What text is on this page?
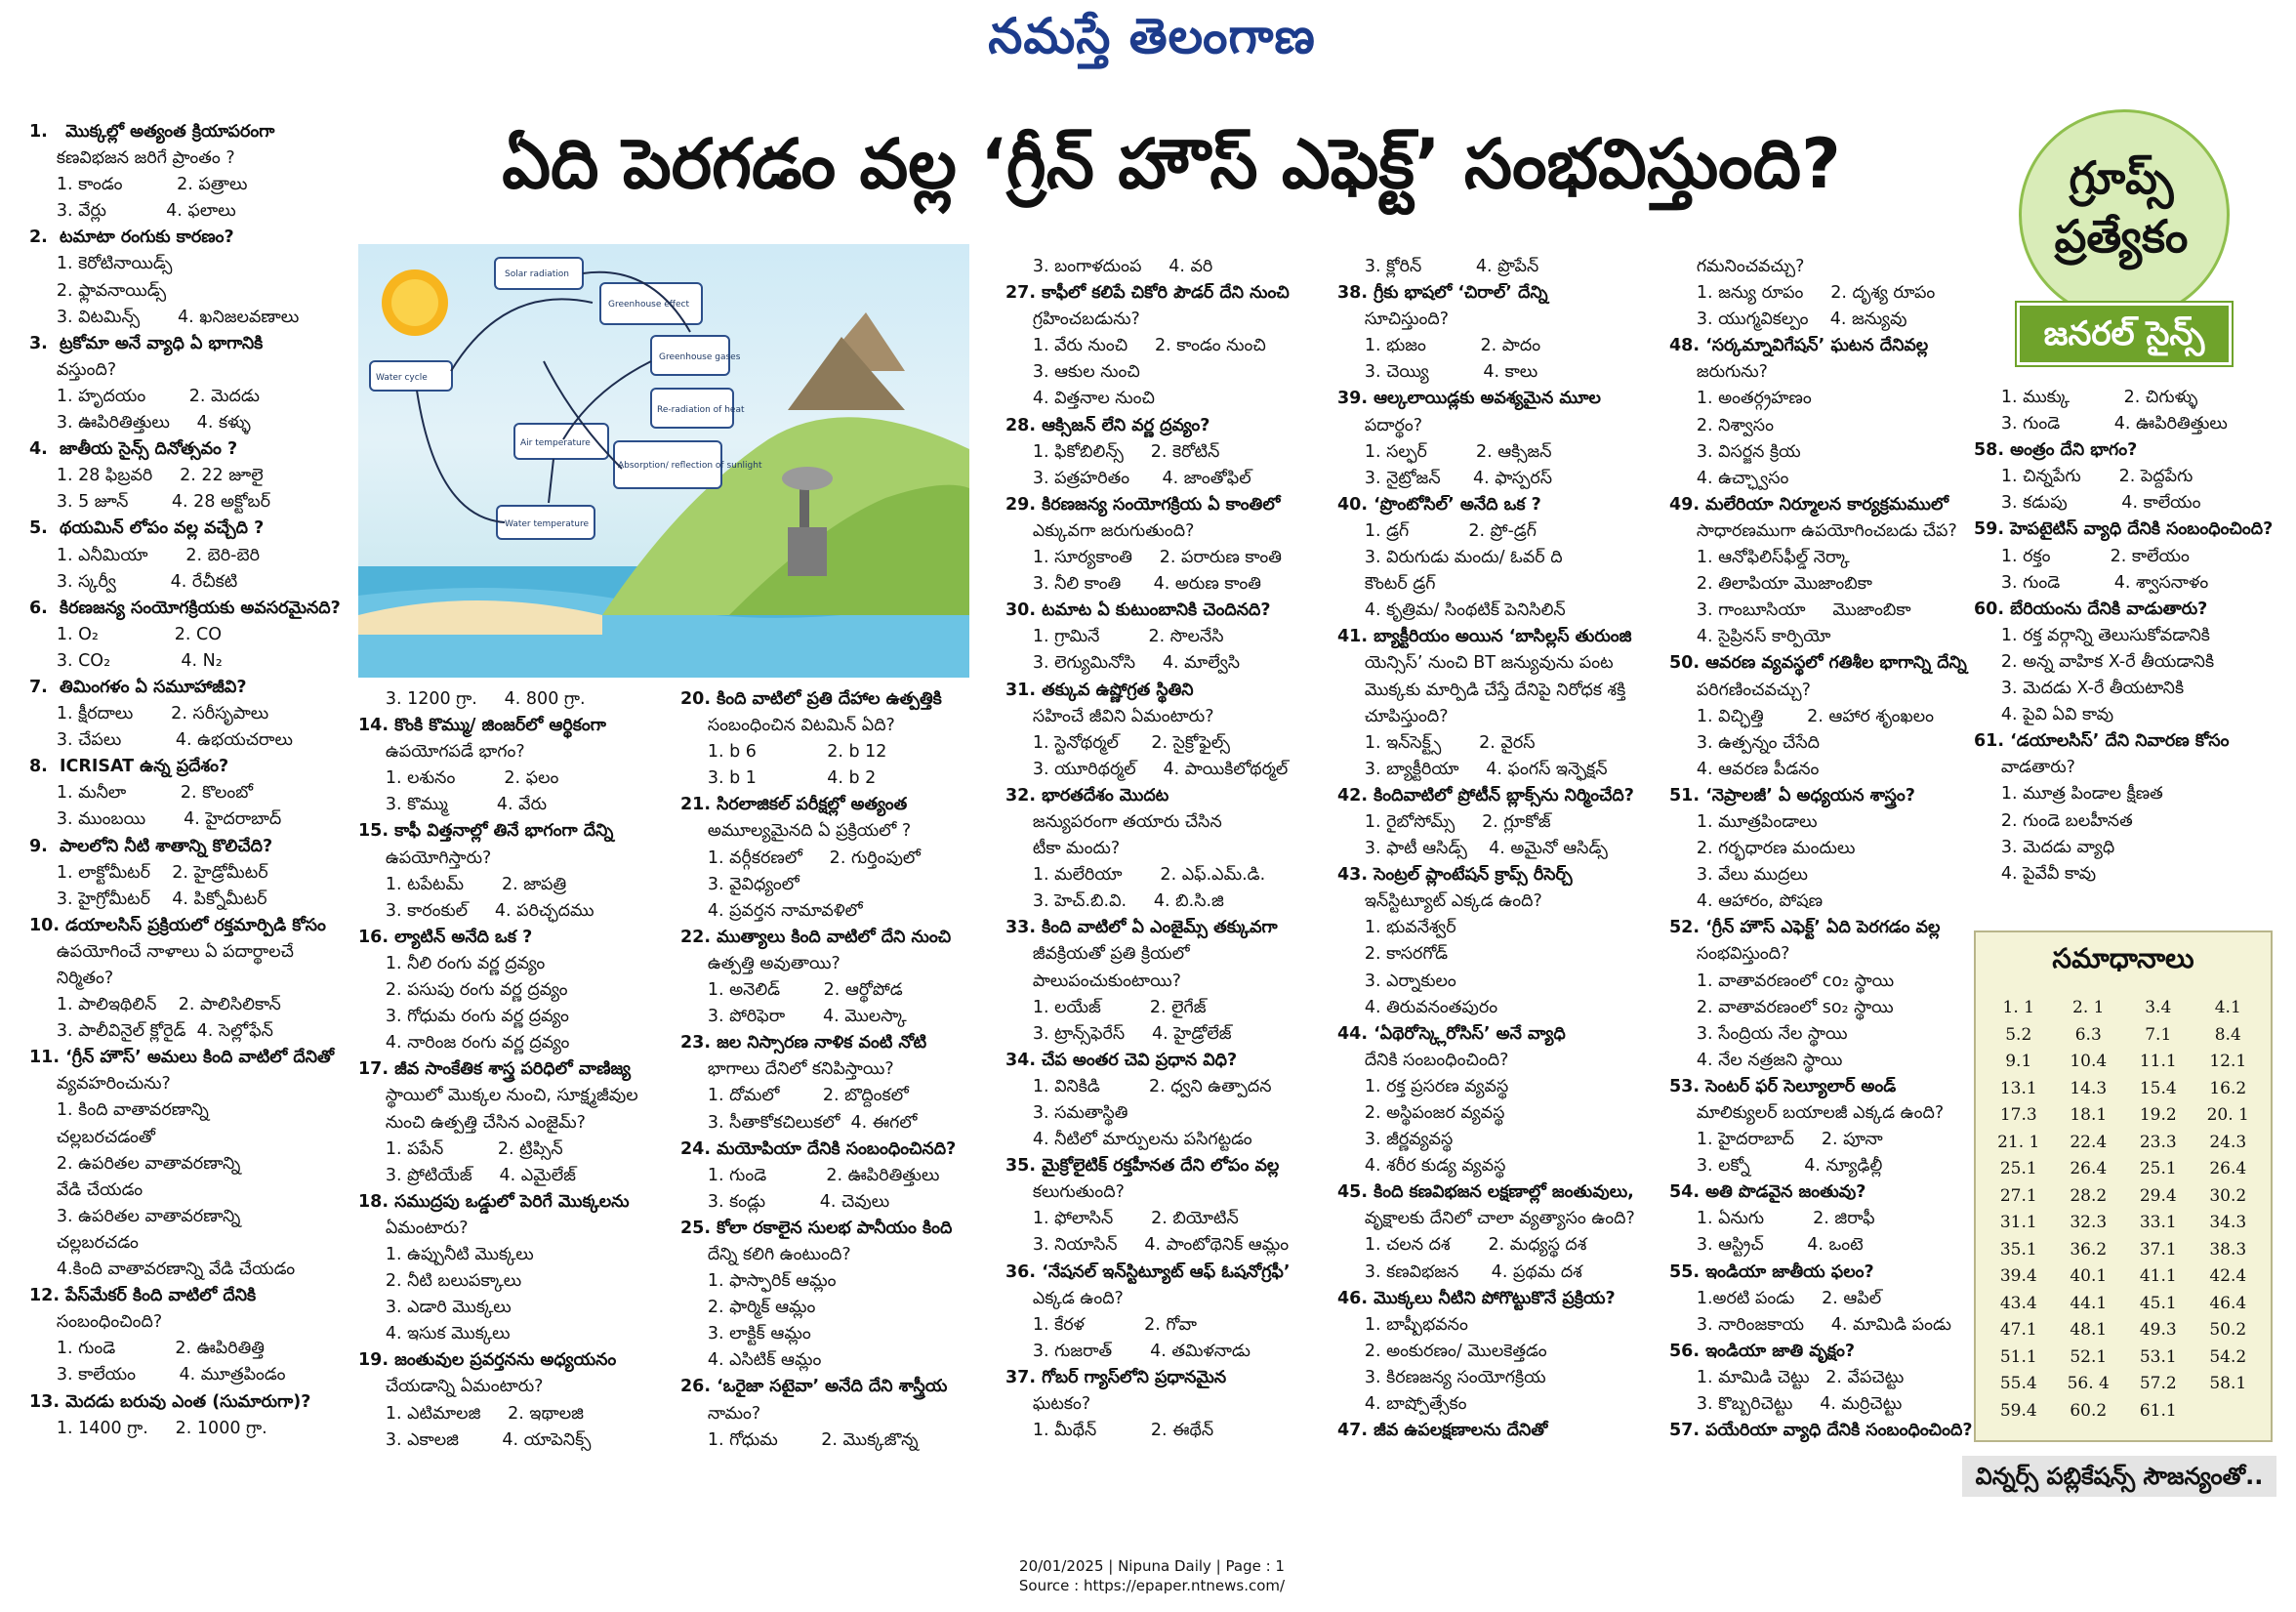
నమస్తే తెలంగాణ
ఏది పెరగడం వల్ల ‘గ్రీన్ హౌస్ ఎఫెక్ట్’ సంభవిస్తుంది?	గ్రూప్స్
ప్రత్యేకం
జనరల్ సైన్స్
Solar radiation
Greenhouse effect
Greenhouse gases
Re-radiation of heat
Water cycle
Air temperature
Absorption/ reflection of sunlight
Water temperature
1.   మొక్కల్లో అత్యంత క్రియాపరంగా
కణవిభజన జరిగే ప్రాంతం ?
1. కాండం          2. పత్రాలు
3. వేర్లు           4. ఫలాలు
2.  టమాటా రంగుకు కారణం?
1. కెరోటినాయిడ్స్
2. ఫ్లావనాయిడ్స్
3. విటమిన్స్       4. ఖనిజలవణాలు
3.  ట్రకోమా అనే వ్యాధి ఏ భాగానికి
వస్తుంది?
1. హృదయం        2. మెదడు
3. ఊపిరితిత్తులు     4. కళ్ళు
4.  జాతీయ సైన్స్ దినోత్సవం ?
1. 28 ఫిబ్రవరి     2. 22 జూలై
3. 5 జూన్        4. 28 అక్టోబర్
5.  థయమిన్ లోపం వల్ల వచ్చేది ?
1. ఎనీమియా       2. బెరి-బెరి
3. స్కర్వీ          4. రేచీకటి
6.  కిరణజన్య సంయోగక్రియకు అవసరమైనది?
1. O₂              2. CO
3. CO₂             4. N₂
7.  తిమింగళం ఏ సమూహాజీవి?
1. క్షీరదాలు       2. సరీసృపాలు
3. చేపలు          4. ఉభయచరాలు
8.  ICRISAT ఉన్న ప్రదేశం?
1. మనీలా          2. కొలంబో
3. ముంబయి       4. హైదరాబాద్
9.  పాలలోని నీటి శాతాన్ని కొలిచేది?
1. లాక్టోమీటర్    2. హైడ్రోమీటర్
3. హైగ్రోమీటర్    4. పిక్నోమీటర్
10. డయాలసిస్ ప్రక్రియలో రక్తమార్పిడి కోసం
ఉపయోగించే నాళాలు ఏ పదార్థాలచే
నిర్మితం?
1. పాలిఇథిలిన్    2. పాలిసిలికాన్
3. పాలీవినైల్ క్లోరైడ్  4. సెల్లోఫేన్
11. ‘గ్రీన్ హౌస్’ అమలు కింది వాటిలో దేనితో
వ్యవహరించును?
1. కింది వాతావరణాన్ని
చల్లబరచడంతో
2. ఉపరితల వాతావరణాన్ని
వేడి చేయడం
3. ఉపరితల వాతావరణాన్ని
చల్లబరచడం
4.కింది వాతావరణాన్ని వేడి చేయడం
12. పేస్‌మేకర్ కింది వాటిలో దేనికి
సంబంధించింది?
1. గుండె           2. ఊపిరితిత్తి
3. కాలేయం        4. మూత్రపిండం
13. మెదడు బరువు ఎంత (సుమారుగా)?
1. 1400 గ్రా.     2. 1000 గ్రా.
3. 1200 గ్రా.     4. 800 గ్రా.
14. కొంకి కొమ్ము/ జింజర్‌లో ఆర్థికంగా
ఉపయోగపడే భాగం?
1. లశునం         2. ఫలం
3. కొమ్ము         4. వేరు
15. కాఫీ విత్తనాల్లో తినే భాగంగా దేన్ని
ఉపయోగిస్తారు?
1. టపేటమ్       2. జాపత్రి
3. కారంకుల్     4. పరిచ్ఛదము
16. ల్యాటిన్ అనేది ఒక ?
1. నీలి రంగు వర్ణ ద్రవ్యం
2. పసుపు రంగు వర్ణ ద్రవ్యం
3. గోధుమ రంగు వర్ణ ద్రవ్యం
4. నారింజ రంగు వర్ణ ద్రవ్యం
17. జీవ సాంకేతిక శాస్త్ర పరిధిలో వాణిజ్య
స్థాయిలో మొక్కల నుంచి, సూక్ష్మజీవుల
నుంచి ఉత్పత్తి చేసిన ఎంజైమ్?
1. పపేన్          2. ట్రిప్సిన్
3. ప్రోటియేజ్     4. ఎమైలేజ్
18. సముద్రపు ఒడ్డులో పెరిగే మొక్కలను
ఏమంటారు?
1. ఉప్పునీటి మొక్కలు
2. నీటి బలుపక్కాలు
3. ఎడారి మొక్కలు
4. ఇసుక మొక్కలు
19. జంతువుల ప్రవర్తనను అధ్యయనం
చేయడాన్ని ఏమంటారు?
1. ఎటిమాలజి     2. ఇథాలజి
3. ఎకాలజి        4. యాపెనిక్స్
20. కింది వాటిలో ప్రతి దేహాల ఉత్పత్తికి
సంబంధించిన విటమిన్ ఏది?
1. b 6             2. b 12
3. b 1             4. b 2
21. సిరలాజికల్ పరీక్షల్లో అత్యంత
అమూల్యమైనది ఏ ప్రక్రియలో ?
1. వర్గీకరణలో     2. గుర్తింపులో
3. వైవిధ్యంలో
4. ప్రవర్తన నామావళిలో
22. ముత్యాలు కింది వాటిలో దేని నుంచి
ఉత్పత్తి అవుతాయి?
1. అనెలిడ్        2. ఆర్థోపోడ
3. పోరిఫెరా       4. మొలస్కా
23. జల నిస్సారణ నాళిక వంటి నోటి
భాగాలు దేనిలో కనిపిస్తాయి?
1. దోమలో        2. బొద్దింకలో
3. సీతాకోకచిలుకలో  4. ఈగలో
24. మయోపియా దేనికి సంబంధించినది?
1. గుండె           2. ఊపిరితిత్తులు
3. కండ్లు          4. చెవులు
25. కోలా రకాలైన సులభ పానీయం కింది
దేన్ని కలిగి ఉంటుంది?
1. ఫాస్ఫారిక్ ఆమ్లం
2. ఫార్మిక్ ఆమ్లం
3. లాక్టిక్ ఆమ్లం
4. ఎసిటిక్ ఆమ్లం
26. ‘ఒరైజా సటైవా’ అనేది దేని శాస్త్రీయ
నామం?
1. గోధుమ        2. మొక్కజొన్న
3. బంగాళదుంప     4. వరి
27. కాఫీలో కలిపే చికోరి పౌడర్ దేని నుంచి
గ్రహించబడును?
1. వేరు నుంచి     2. కాండం నుంచి
3. ఆకుల నుంచి
4. విత్తనాల నుంచి
28. ఆక్సిజన్ లేని వర్ణ ద్రవ్యం?
1. ఫికోబిలిన్స్     2. కెరోటిన్
3. పత్రహరితం      4. జాంతోఫిల్
29. కిరణజన్య సంయోగక్రియ ఏ కాంతిలో
ఎక్కువగా జరుగుతుంది?
1. సూర్యకాంతి     2. పరారుణ కాంతి
3. నీలి కాంతి      4. అరుణ కాంతి
30. టమాట ఏ కుటుంబానికి చెందినది?
1. గ్రామినే         2. సొలనేసి
3. లెగ్యుమినోసి     4. మాల్వేసి
31. తక్కువ ఉష్ణోగ్రత స్థితిని
సహించే జీవిని ఏమంటారు?
1. స్టెనోథర్మల్      2. సైక్రోఫైల్స్
3. యూరిథర్మల్     4. పాయికిలోథర్మల్
32. భారతదేశం మొదట
జన్యుపరంగా తయారు చేసిన
టీకా మందు?
1. మలేరియా       2. ఎఫ్.ఎమ్.డి.
3. హెచ్.బి.వి.     4. బి.సి.జి
33. కింది వాటిలో ఏ ఎంజైమ్స్ తక్కువగా
జీవక్రియతో ప్రతి క్రియలో
పాలుపంచుకుంటాయి?
1. లయేజ్         2. లైగేజ్
3. ట్రాన్స్‌ఫెరేస్     4. హైడ్రోలేజ్
34. చేప అంతర చెవి ప్రధాన విధి?
1. వినికిడి         2. ధ్వని ఉత్పాదన
3. సమతాస్థితి
4. నీటిలో మార్పులను పసిగట్టడం
35. మైక్రోలైటిక్ రక్తహీనత దేని లోపం వల్ల
కలుగుతుంది?
1. ఫోలాసిన్       2. బియోటిన్
3. నియాసిన్     4. పాంటోథెనిక్ ఆమ్లం
36. ‘నేషనల్ ఇన్‌స్టిట్యూట్ ఆఫ్ ఓషనోగ్రఫీ’
ఎక్కడ ఉంది?
1. కేరళ           2. గోవా
3. గుజరాత్       4. తమిళనాడు
37. గోబర్ గ్యాస్‌లోని ప్రధానమైన
ఘటకం?
1. మీథేన్          2. ఈథేన్
3. క్లోరిన్          4. ప్రొపేన్
38. గ్రీకు భాషలో ‘చిరాల్’ దేన్ని
సూచిస్తుంది?
1. భుజం          2. పాదం
3. చెయ్యి          4. కాలు
39. ఆల్కలాయిడ్లకు అవశ్యమైన మూల
పదార్థం?
1. సల్ఫర్         2. ఆక్సిజన్
3. నైట్రోజన్      4. ఫాస్పరస్
40. ‘ప్రొంటోసిల్’ అనేది ఒక ?
1. డ్రగ్           2. ప్రో-డ్రగ్
3. విరుగుడు మందు/ ఓవర్ ది
కౌంటర్ డ్రగ్
4. కృత్రిమ/ సింథటిక్ పెనిసిలిన్
41. బ్యాక్టీరియం అయిన ‘బాసిల్లస్ తురుంజి
యెన్సిస్’ నుంచి BT జన్యువును పంట
మొక్కకు మార్పిడి చేస్తే దేనిపై నిరోధక శక్తి
చూపిస్తుంది?
1. ఇన్‌సెక్ట్స్       2. వైరస్
3. బ్యాక్టీరియా     4. ఫంగస్ ఇన్ఫెక్షన్
42. కిందివాటిలో ప్రోటీన్ బ్లాక్స్‌ను నిర్మించేది?
1. రైబోసోమ్స్     2. గ్లూకోజ్
3. ఫాటీ ఆసిడ్స్    4. అమైనో ఆసిడ్స్
43. సెంట్రల్ ప్లాంటేషన్ క్రాప్స్ రీసెర్చ్
ఇన్‌స్టిట్యూట్ ఎక్కడ ఉంది?
1. భువనేశ్వర్
2. కాసరగోడ్
3. ఎర్నాకులం
4. తిరువనంతపురం
44. ‘ఏథెరోస్క్లెరోసిస్’ అనే వ్యాధి
దేనికి సంబంధించింది?
1. రక్త ప్రసరణ వ్యవస్థ
2. అస్థిపంజర వ్యవస్థ
3. జీర్ణవ్యవస్థ
4. శరీర కుడ్య వ్యవస్థ
45. కింది కణవిభజన లక్షణాల్లో జంతువులు,
వృక్షాలకు దేనిలో చాలా వ్యత్యాసం ఉంది?
1. చలన దశ       2. మధ్యస్థ దశ
3. కణవిభజన      4. ప్రథమ దశ
46. మొక్కలు నీటిని పోగొట్టుకొనే ప్రక్రియ?
1. బాష్పీభవనం
2. అంకురణం/ మొలకెత్తడం
3. కిరణజన్య సంయోగక్రియ
4. బాష్పోత్సేకం
47. జీవ ఉపలక్షణాలను దేనితో
గమనించవచ్చు?
1. జన్యు రూపం     2. దృశ్య రూపం
3. యుగ్మవికల్పం    4. జన్యువు
48. ‘సర్కమ్నావిగేషన్’ ఘటన దేనివల్ల
జరుగును?
1. అంతర్గ్రహణం
2. నిశ్వాసం
3. విసర్జన క్రియ
4. ఉచ్ఛ్వాసం
49. మలేరియా నిర్మూలన కార్యక్రమములో
సాధారణముగా ఉపయోగించబడు చేప?
1. ఆనోఫిలిస్‌ఫీల్డ్ నెర్కా
2. తిలాపియా మొజాంబికా
3. గాంబూసియా     మొజాంబికా
4. సైప్రినస్ కార్పియో
50. ఆవరణ వ్యవస్థలో గతిశీల భాగాన్ని దేన్ని
పరిగణించవచ్చు?
1. విచ్ఛిత్తి        2. ఆహార శృంఖలం
3. ఉత్పన్నం చేసేది
4. ఆవరణ పీడనం
51. ‘నెప్రాలజీ’ ఏ అధ్యయన శాస్త్రం?
1. మూత్రపిండాలు
2. గర్భధారణ మందులు
3. వేలు ముద్రలు
4. ఆహారం, పోషణ
52. ‘గ్రీన్ హౌస్ ఎఫెక్ట్’ ఏది పెరగడం వల్ల
సంభవిస్తుంది?
1. వాతావరణంలో co₂ స్థాయి
2. వాతావరణంలో so₂ స్థాయి
3. సేంద్రియ నేల స్థాయి
4. నేల నత్రజని స్థాయి
53. సెంటర్ ఫర్ సెల్యూలార్ అండ్
మాలిక్యులర్ బయాలజీ ఎక్కడ ఉంది?
1. హైదరాబాద్     2. పూనా
3. లక్నో          4. న్యూఢిల్లీ
54. అతి పొడవైన జంతువు?
1. ఏనుగు         2. జిరాఫీ
3. ఆస్ట్రిచ్        4. ఒంటె
55. ఇండియా జాతీయ ఫలం?
1.అరటి పండు     2. ఆపిల్
3. నారింజకాయ     4. మామిడి పండు
56. ఇండియా జాతి వృక్షం?
1. మామిడి చెట్టు   2. వేపచెట్టు
3. కొబ్బరిచెట్టు     4. మర్రిచెట్టు
57. పయేరియా వ్యాధి దేనికి సంబంధించింది?
1. ముక్కు          2. చిగుళ్ళు
3. గుండె          4. ఊపిరితిత్తులు
58. అంత్రం దేని భాగం?
1. చిన్నపేగు       2. పెద్దపేగు
3. కడుపు          4. కాలేయం
59. హెపటైటిస్ వ్యాధి దేనికి సంబంధించింది?
1. రక్తం           2. కాలేయం
3. గుండె          4. శ్వాసనాళం
60. బేరియంను దేనికి వాడుతారు?
1. రక్త వర్గాన్ని తెలుసుకోవడానికి
2. అన్న వాహిక X-రే తీయడానికి
3. మెదడు X-రే తీయటానికి
4. పైవి ఏవి కావు
61. ‘డయాలసిస్’ దేని నివారణ కోసం
వాడతారు?
1. మూత్ర పిండాల క్షీణత
2. గుండె బలహీనత
3. మెదడు వ్యాధి
4. పైవేవీ కావు
సమాధానాలు
1. 1	2. 1	3.4	4.1
5.2	6.3	7.1	8.4
9.1	10.4	11.1	12.1
13.1	14.3	15.4	16.2
17.3	18.1	19.2	20. 1
21. 1	22.4	23.3	24.3
25.1	26.4	25.1	26.4
27.1	28.2	29.4	30.2
31.1	32.3	33.1	34.3
35.1	36.2	37.1	38.3
39.4	40.1	41.1	42.4
43.4	44.1	45.1	46.4
47.1	48.1	49.3	50.2
51.1	52.1	53.1	54.2
55.4	56. 4	57.2	58.1
59.4	60.2	61.1
విన్నర్స్ పబ్లికేషన్స్ సౌజన్యంతో..
20/01/2025 | Nipuna Daily | Page : 1
Source : https://epaper.ntnews.com/
